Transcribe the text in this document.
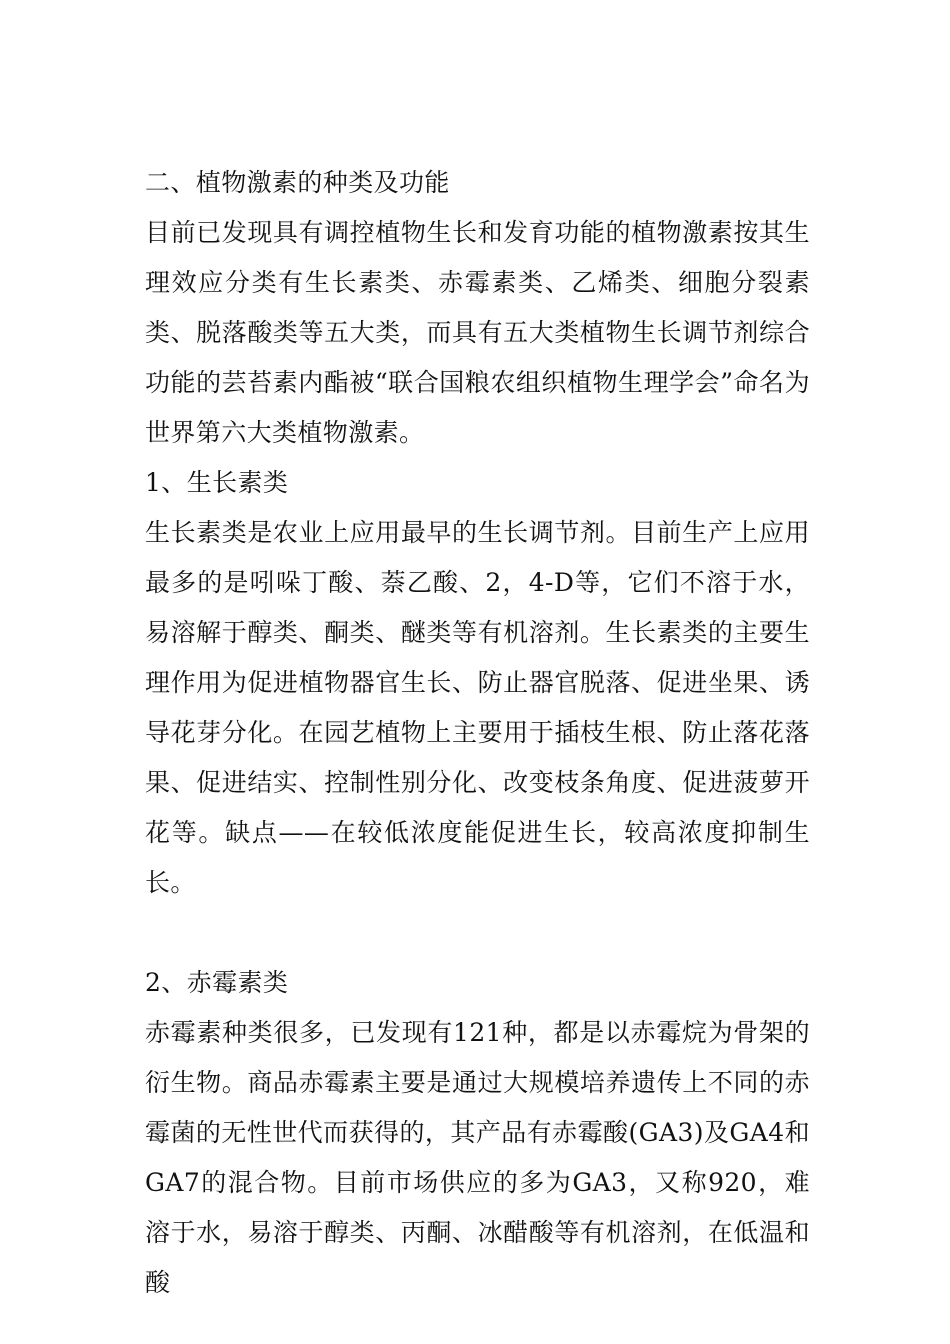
二、植物激素的种类及功能

目前已发现具有调控植物生长和发育功能的植物激素按其生理效应分类有生长素类、赤霉素类、乙烯类、细胞分裂素类、脱落酸类等五大类，而具有五大类植物生长调节剂综合功能的芸苔素内酯被“联合国粮农组织植物生理学会”命名为世界第六大类植物激素。

1、生长素类

生长素类是农业上应用最早的生长调节剂。目前生产上应用最多的是吲哚丁酸、萘乙酸、2，4-D等，它们不溶于水，易溶解于醇类、酮类、醚类等有机溶剂。生长素类的主要生理作用为促进植物器官生长、防止器官脱落、促进坐果、诱导花芽分化。在园艺植物上主要用于插枝生根、防止落花落果、促进结实、控制性别分化、改变枝条角度、促进菠萝开花等。缺点——在较低浓度能促进生长，较高浓度抑制生长。

2、赤霉素类

赤霉素种类很多，已发现有121种，都是以赤霉烷为骨架的衍生物。商品赤霉素主要是通过大规模培养遗传上不同的赤霉菌的无性世代而获得的，其产品有赤霉酸(GA3)及GA4和GA7的混合物。目前市场供应的多为GA3，又称920，难溶于水，易溶于醇类、丙酮、冰醋酸等有机溶剂，在低温和酸
